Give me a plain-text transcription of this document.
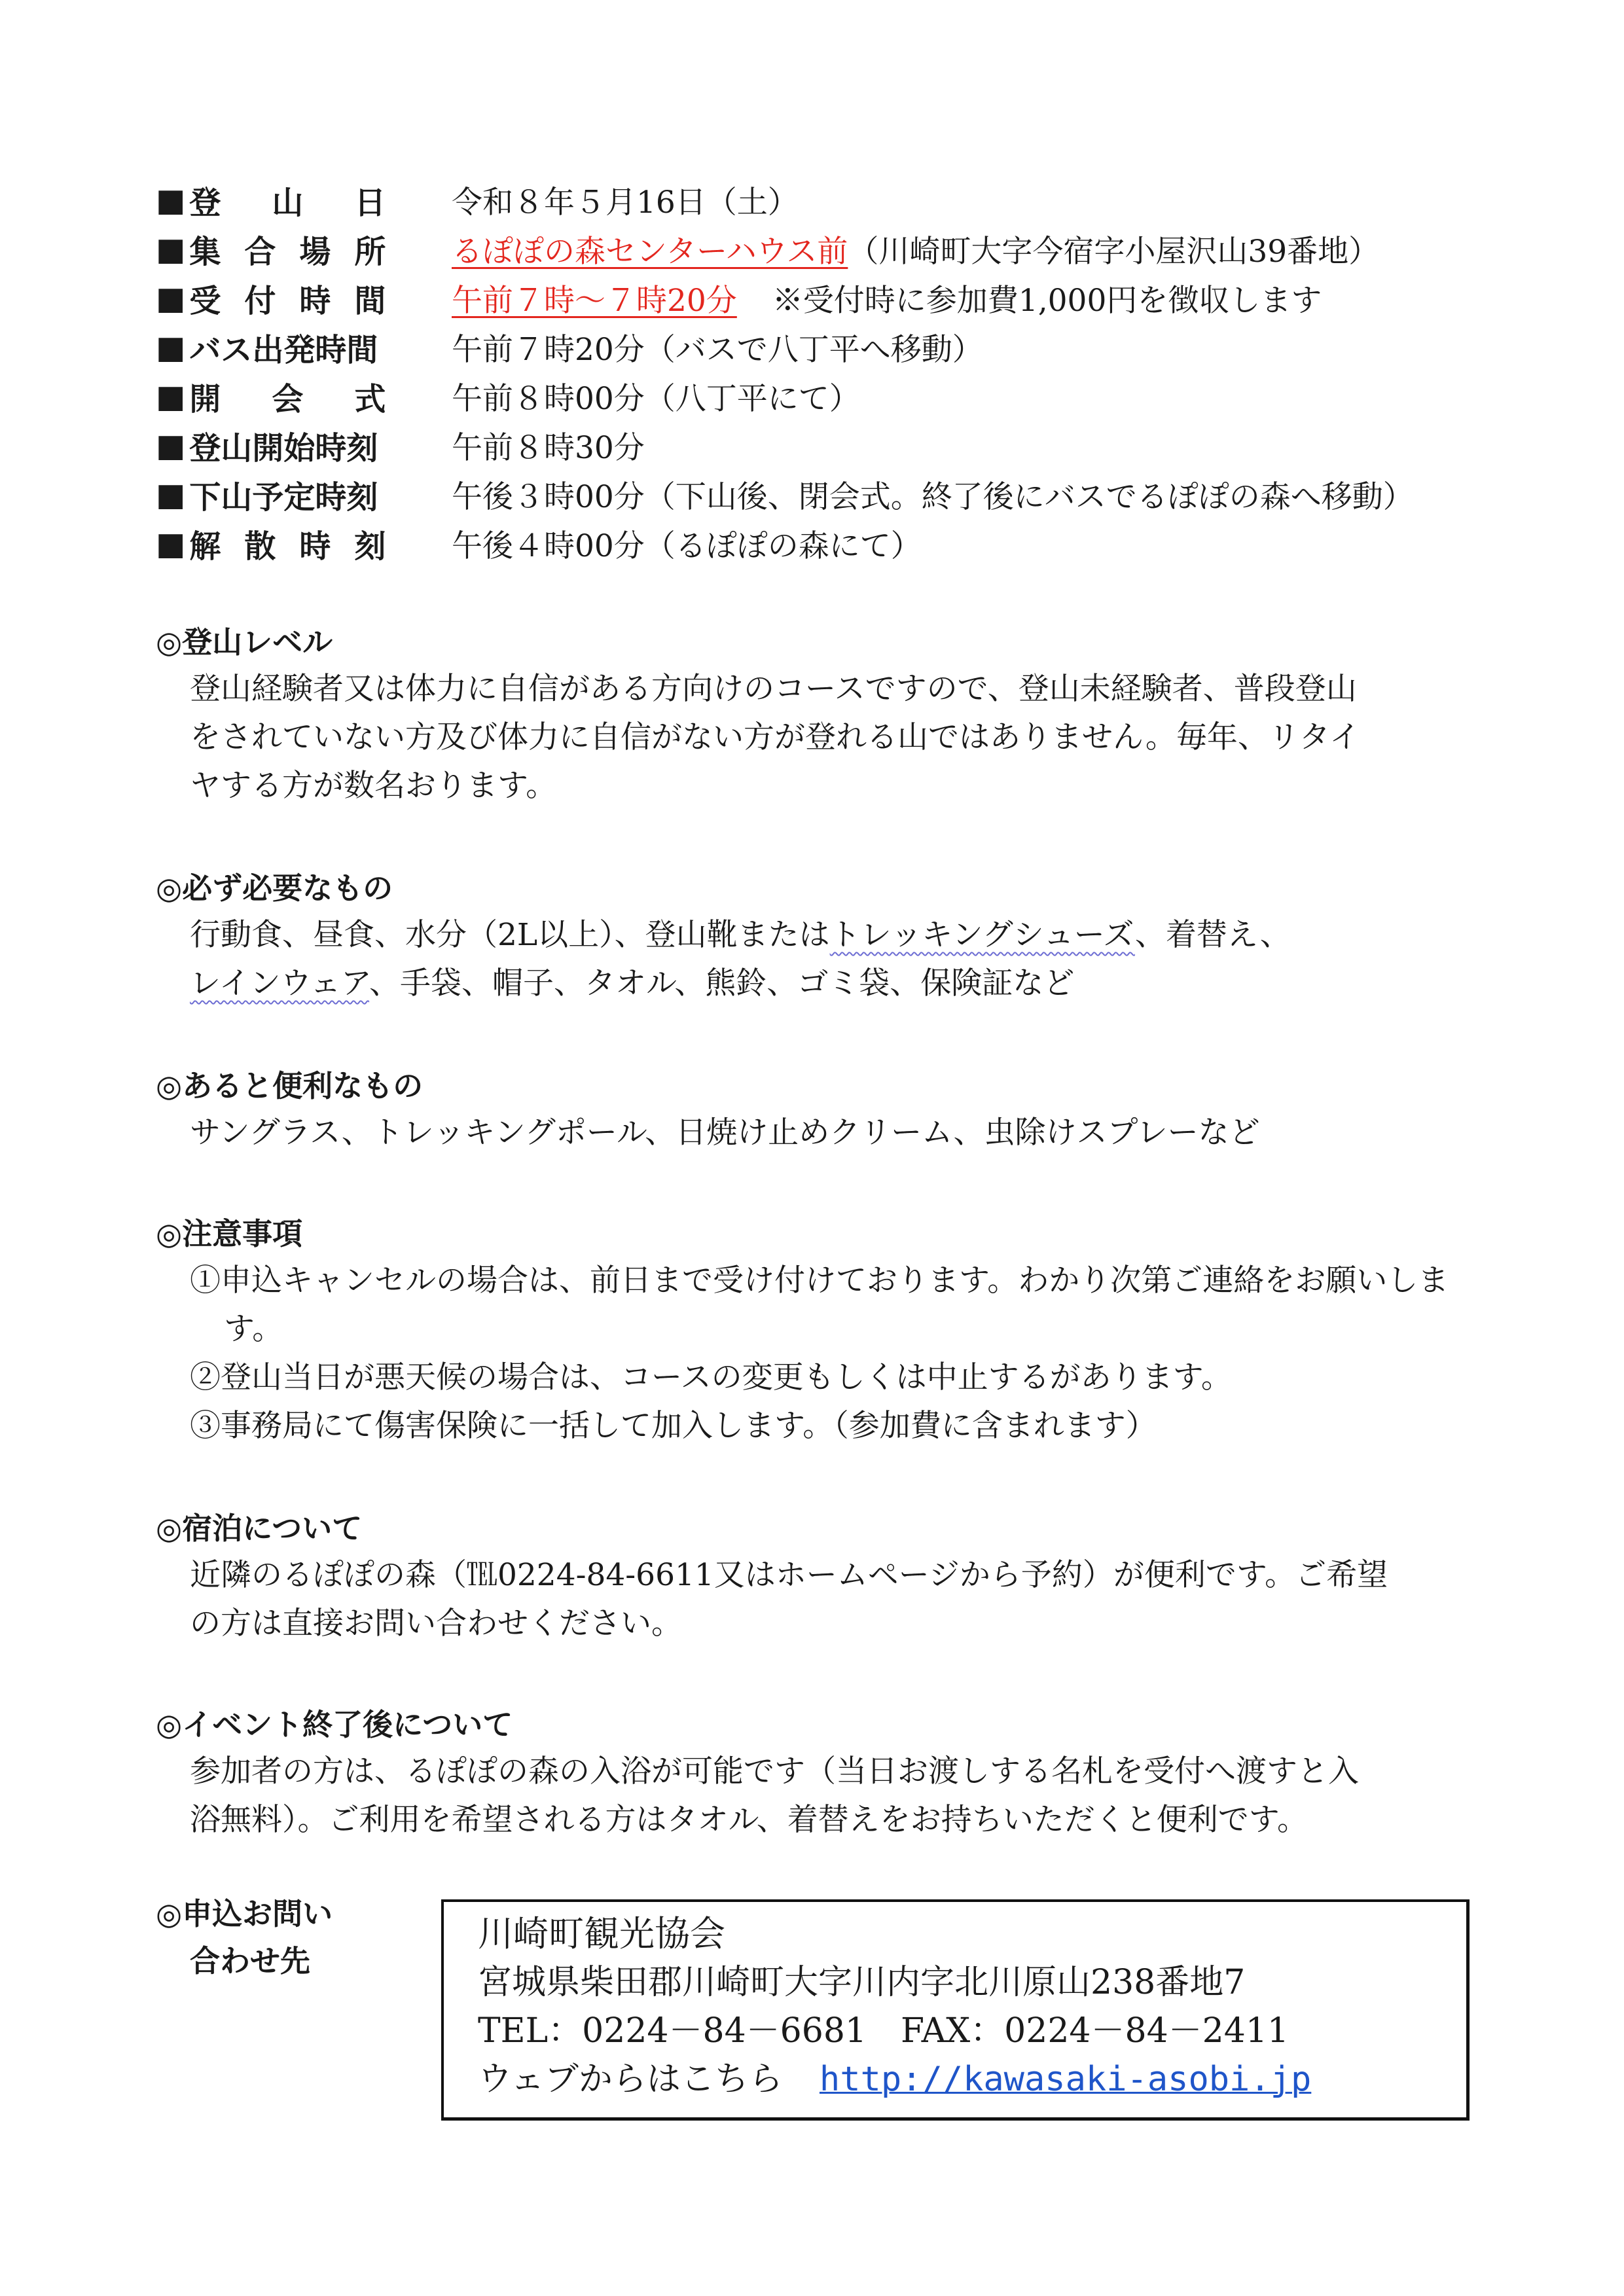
■ 登 山 日 令和８年５月16日（土）
■ 集 合 場 所 るぽぽの森センターハウス前（川崎町大字今宿字小屋沢山39番地）
■ 受 付 時 間 午前７時～７時20分 ※受付時に参加費1,000円を徴収します
■ バス出発時間 午前７時20分（バスで八丁平へ移動）
■ 開 会 式 午前８時00分（八丁平にて）
■ 登山開始時刻 午前８時30分
■ 下山予定時刻 午後３時00分（下山後、閉会式。終了後にバスでるぽぽの森へ移動）
■ 解 散 時 刻 午後４時00分（るぽぽの森にて）
◎登山レベル

登山経験者又は体力に自信がある方向けのコースですので、登山未経験者、普段登山

をされていない方及び体力に自信がない方が登れる山ではありません。毎年、リタイ

ヤする方が数名おります。

◎必ず必要なもの

行動食、昼食、水分（2L以上）、登山靴またはトレッキングシューズ、着替え、

レインウェア、手袋、帽子、タオル、熊鈴、ゴミ袋、保険証など

◎あると便利なもの

サングラス、トレッキングポール、日焼け止めクリーム、虫除けスプレーなど

◎注意事項

①申込キャンセルの場合は、前日まで受け付けております。わかり次第ご連絡をお願いします。

②登山当日が悪天候の場合は、コースの変更もしくは中止するがあります。

③事務局にて傷害保険に一括して加入します。（参加費に含まれます）

◎宿泊について

近隣のるぽぽの森（℡0224-84-6611又はホームページから予約）が便利です。ご希望

の方は直接お問い合わせください。

◎イベント終了後について

参加者の方は、るぽぽの森の入浴が可能です（当日お渡しする名札を受付へ渡すと入

浴無料）。ご利用を希望される方はタオル、着替えをお持ちいただくと便利です。

◎申込お問い
合わせ先
川崎町観光協会
宮城県柴田郡川崎町大字川内字北川原山238番地7
TEL：0224－84－6681　FAX：0224－84－2411
ウェブからはこちら http://kawasaki-asobi.jp
